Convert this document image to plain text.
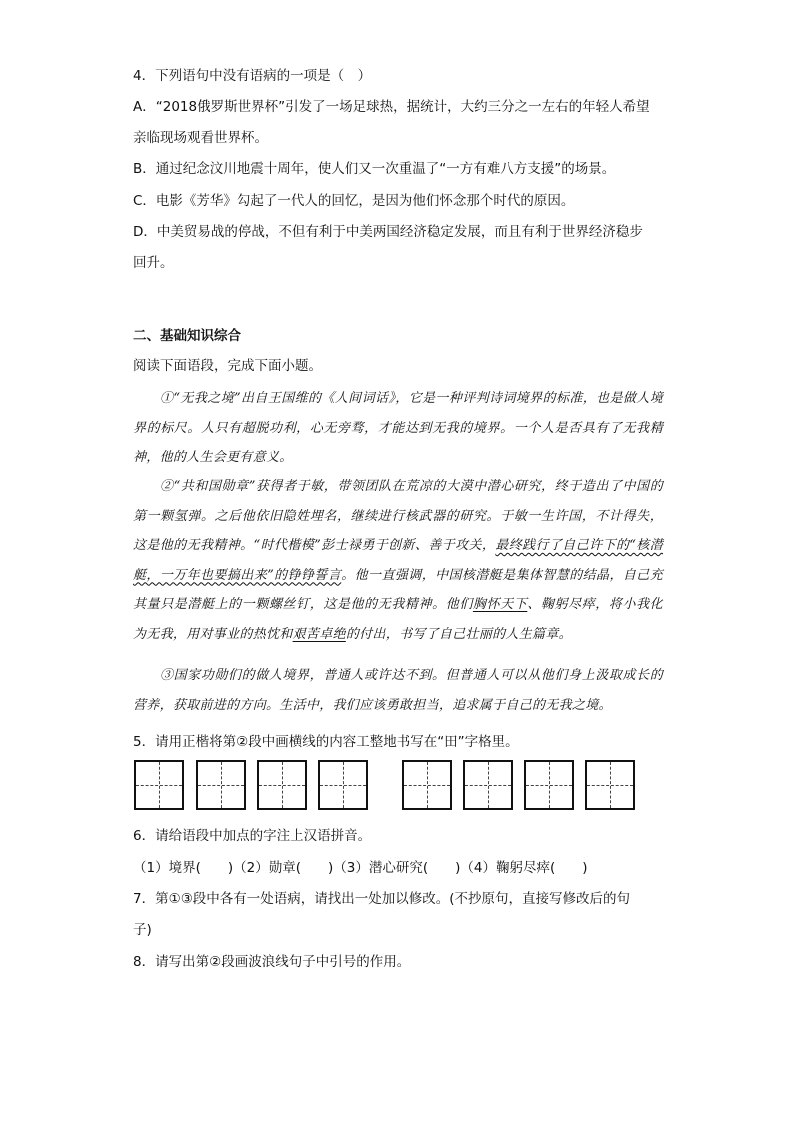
4．下列语句中没有语病的一项是（　）
A．“2018俄罗斯世界杯”引发了一场足球热，据统计，大约三分之一左右的年轻人希望
亲临现场观看世界杯。
B．通过纪念汶川地震十周年，使人们又一次重温了“一方有难八方支援”的场景。
C．电影《芳华》勾起了一代人的回忆，是因为他们怀念那个时代的原因。
D．中美贸易战的停战，不但有利于中美两国经济稳定发展，而且有利于世界经济稳步
回升。
二、基础知识综合
阅读下面语段，完成下面小题。
①“无我之境”出自王国维的《人间词话》，它是一种评判诗词境界的标准，也是做人境界的标尺。人只有超脱功利，心无旁骛，才能达到无我的境界。一个人是否具有了无我精神，他的人生会更有意义。
②“共和国勋章”获得者于敏，带领团队在荒凉的大漠中潜心研究，终于造出了中国的第一颗氢弹。之后他依旧隐姓埋名，继续进行核武器的研究。于敏一生许国，不计得失，这是他的无我精神。“时代楷模”彭士禄勇于创新、善于攻关，最终践行了自己许下的“核潜艇，一万年也要搞出来”的铮铮誓言。他一直强调，中国核潜艇是集体智慧的结晶，自己充其量只是潜艇上的一颗螺丝钉，这是他的无我精神。他们胸怀天下、鞠躬尽瘁，将小我化为无我，用对事业的热忱和艰苦卓绝的付出，书写了自己壮丽的人生篇章。
③国家功勋们的做人境界，普通人或许达不到。但普通人可以从他们身上汲取成长的营养，获取前进的方向。生活中，我们应该勇敢担当，追求属于自己的无我之境。
5．请用正楷将第②段中画横线的内容工整地书写在“田”字格里。
6．请给语段中加点的字注上汉语拼音。
（1）境界(　　)（2）勋章(　　)（3）潜心研究(　　)（4）鞠躬尽瘁(　　)
7．第①③段中各有一处语病，请找出一处加以修改。(不抄原句，直接写修改后的句
子)
8．请写出第②段画波浪线句子中引号的作用。
